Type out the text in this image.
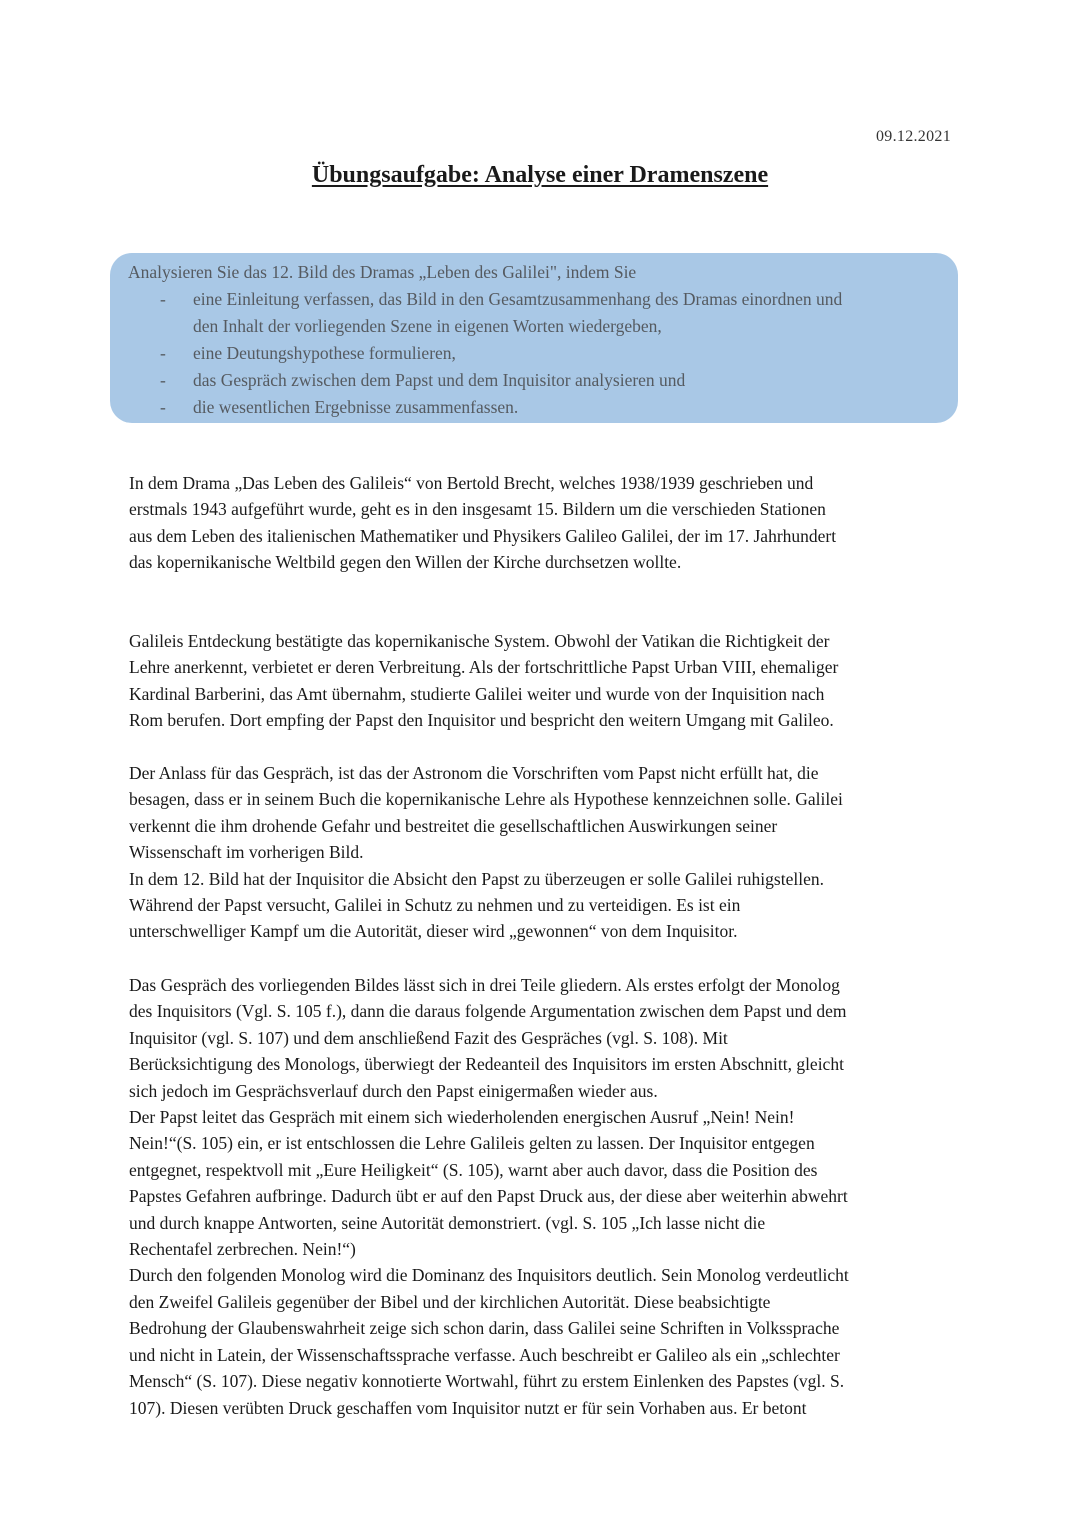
09.12.2021
Übungsaufgabe: Analyse einer Dramenszene

Analysieren Sie das 12. Bild des Dramas „Leben des Galilei", indem Sie

- eine Einleitung verfassen, das Bild in den Gesamtzusammenhang des Dramas einordnen und
den Inhalt der vorliegenden Szene in eigenen Worten wiedergeben,
- eine Deutungshypothese formulieren,
- das Gespräch zwischen dem Papst und dem Inquisitor analysieren und
- die wesentlichen Ergebnisse zusammenfassen.

In dem Drama „Das Leben des Galileis“ von Bertold Brecht, welches 1938/1939 geschrieben und
erstmals 1943 aufgeführt wurde, geht es in den insgesamt 15. Bildern um die verschieden Stationen
aus dem Leben des italienischen Mathematiker und Physikers Galileo Galilei, der im 17. Jahrhundert
das kopernikanische Weltbild gegen den Willen der Kirche durchsetzen wollte.

Galileis Entdeckung bestätigte das kopernikanische System. Obwohl der Vatikan die Richtigkeit der
Lehre anerkennt, verbietet er deren Verbreitung. Als der fortschrittliche Papst Urban VIII, ehemaliger
Kardinal Barberini, das Amt übernahm, studierte Galilei weiter und wurde von der Inquisition nach
Rom berufen. Dort empfing der Papst den Inquisitor und bespricht den weitern Umgang mit Galileo.

Der Anlass für das Gespräch, ist das der Astronom die Vorschriften vom Papst nicht erfüllt hat, die
besagen, dass er in seinem Buch die kopernikanische Lehre als Hypothese kennzeichnen solle. Galilei
verkennt die ihm drohende Gefahr und bestreitet die gesellschaftlichen Auswirkungen seiner
Wissenschaft im vorherigen Bild.
In dem 12. Bild hat der Inquisitor die Absicht den Papst zu überzeugen er solle Galilei ruhigstellen.
Während der Papst versucht, Galilei in Schutz zu nehmen und zu verteidigen. Es ist ein
unterschwelliger Kampf um die Autorität, dieser wird „gewonnen“ von dem Inquisitor.

Das Gespräch des vorliegenden Bildes lässt sich in drei Teile gliedern. Als erstes erfolgt der Monolog
des Inquisitors (Vgl. S. 105 f.), dann die daraus folgende Argumentation zwischen dem Papst und dem
Inquisitor (vgl. S. 107) und dem anschließend Fazit des Gespräches (vgl. S. 108). Mit
Berücksichtigung des Monologs, überwiegt der Redeanteil des Inquisitors im ersten Abschnitt, gleicht
sich jedoch im Gesprächsverlauf durch den Papst einigermaßen wieder aus.
Der Papst leitet das Gespräch mit einem sich wiederholenden energischen Ausruf „Nein! Nein!
Nein!“(S. 105) ein, er ist entschlossen die Lehre Galileis gelten zu lassen. Der Inquisitor entgegen
entgegnet, respektvoll mit „Eure Heiligkeit“ (S. 105), warnt aber auch davor, dass die Position des
Papstes Gefahren aufbringe. Dadurch übt er auf den Papst Druck aus, der diese aber weiterhin abwehrt
und durch knappe Antworten, seine Autorität demonstriert. (vgl. S. 105 „Ich lasse nicht die
Rechentafel zerbrechen. Nein!“)
Durch den folgenden Monolog wird die Dominanz des Inquisitors deutlich. Sein Monolog verdeutlicht
den Zweifel Galileis gegenüber der Bibel und der kirchlichen Autorität. Diese beabsichtigte
Bedrohung der Glaubenswahrheit zeige sich schon darin, dass Galilei seine Schriften in Volkssprache
und nicht in Latein, der Wissenschaftssprache verfasse. Auch beschreibt er Galileo als ein „schlechter
Mensch“ (S. 107). Diese negativ konnotierte Wortwahl, führt zu erstem Einlenken des Papstes (vgl. S.
107). Diesen verübten Druck geschaffen vom Inquisitor nutzt er für sein Vorhaben aus. Er betont
